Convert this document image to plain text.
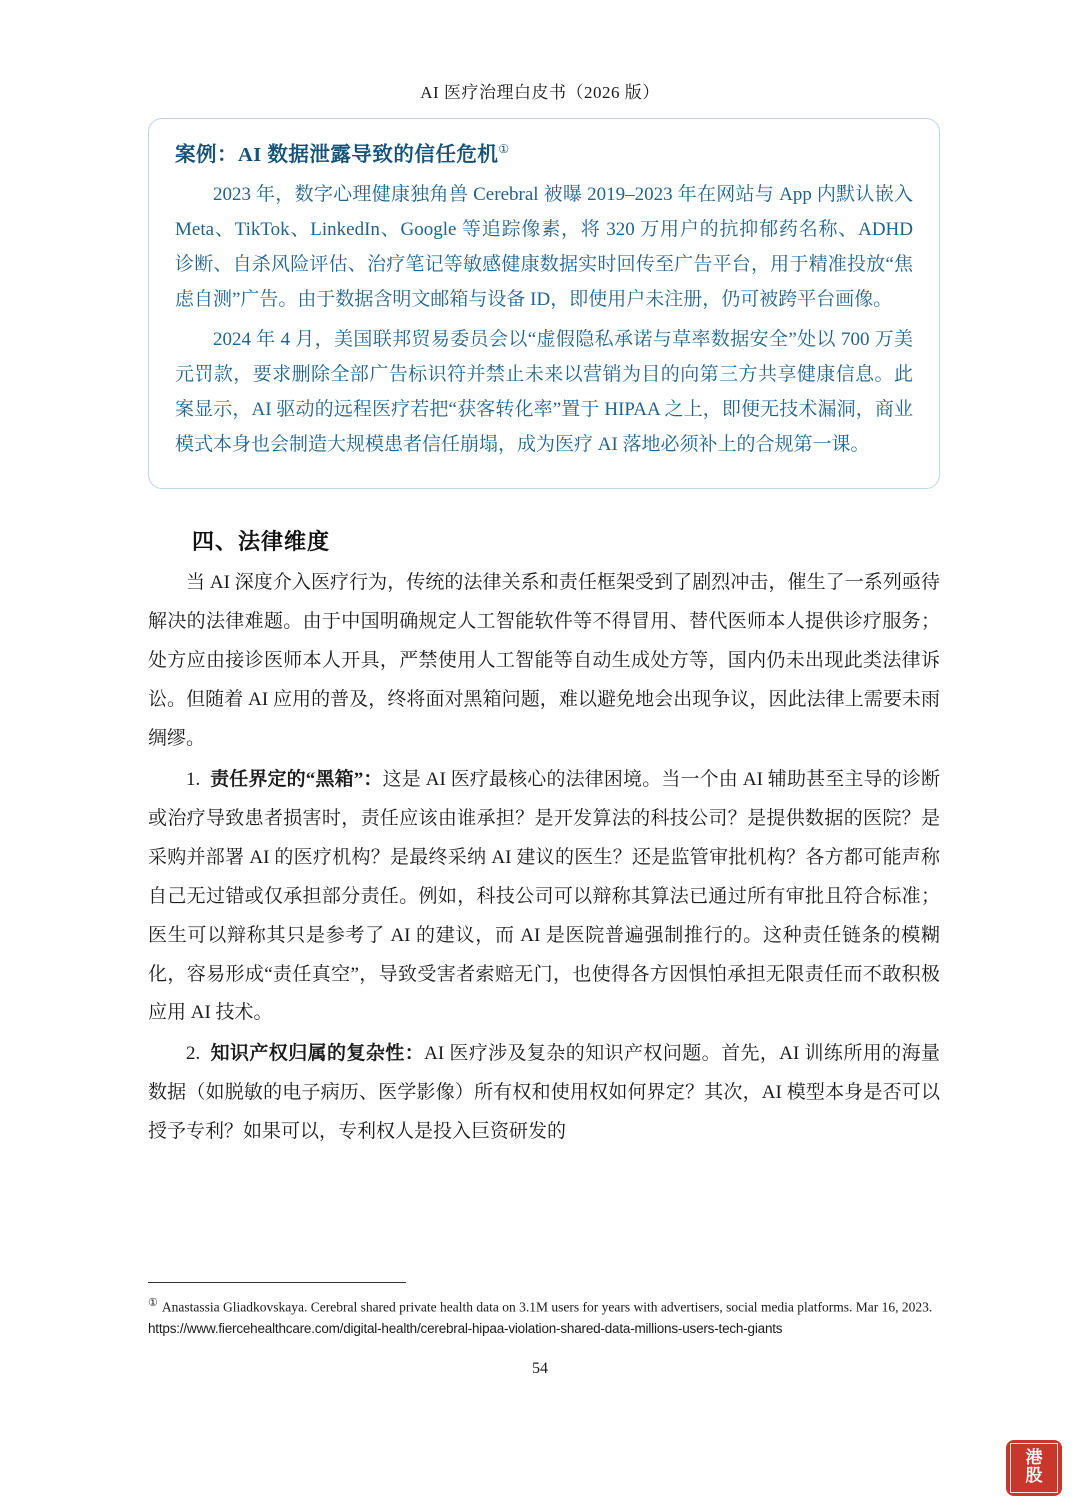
AI 医疗治理白皮书（2026 版）
案例：AI 数据泄露导致的信任危机①

2023 年，数字心理健康独角兽 Cerebral 被曝 2019–2023 年在网站与 App 内默认嵌入 Meta、TikTok、LinkedIn、Google 等追踪像素，将 320 万用户的抗抑郁药名称、ADHD 诊断、自杀风险评估、治疗笔记等敏感健康数据实时回传至广告平台，用于精准投放“焦虑自测”广告。由于数据含明文邮箱与设备 ID，即使用户未注册，仍可被跨平台画像。

2024 年 4 月，美国联邦贸易委员会以“虚假隐私承诺与草率数据安全”处以 700 万美元罚款，要求删除全部广告标识符并禁止未来以营销为目的向第三方共享健康信息。此案显示，AI 驱动的远程医疗若把“获客转化率”置于 HIPAA 之上，即便无技术漏洞，商业模式本身也会制造大规模患者信任崩塌，成为医疗 AI 落地必须补上的合规第一课。

四、法律维度

当 AI 深度介入医疗行为，传统的法律关系和责任框架受到了剧烈冲击，催生了一系列亟待解决的法律难题。由于中国明确规定人工智能软件等不得冒用、替代医师本人提供诊疗服务；处方应由接诊医师本人开具，严禁使用人工智能等自动生成处方等，国内仍未出现此类法律诉讼。但随着 AI 应用的普及，终将面对黑箱问题，难以避免地会出现争议，因此法律上需要未雨绸缪。

1. 责任界定的“黑箱”：这是 AI 医疗最核心的法律困境。当一个由 AI 辅助甚至主导的诊断或治疗导致患者损害时，责任应该由谁承担？是开发算法的科技公司？是提供数据的医院？是采购并部署 AI 的医疗机构？是最终采纳 AI 建议的医生？还是监管审批机构？各方都可能声称自己无过错或仅承担部分责任。例如，科技公司可以辩称其算法已通过所有审批且符合标准；医生可以辩称其只是参考了 AI 的建议，而 AI 是医院普遍强制推行的。这种责任链条的模糊化，容易形成“责任真空”，导致受害者索赔无门，也使得各方因惧怕承担无限责任而不敢积极应用 AI 技术。

2. 知识产权归属的复杂性：AI 医疗涉及复杂的知识产权问题。首先，AI 训练所用的海量数据（如脱敏的电子病历、医学影像）所有权和使用权如何界定？其次，AI 模型本身是否可以授予专利？如果可以，专利权人是投入巨资研发的

① Anastassia Gliadkovskaya. Cerebral shared private health data on 3.1M users for years with advertisers, social media platforms. Mar 16, 2023. https://www.fiercehealthcare.com/digital-health/cerebral-hipaa-violation-shared-data-millions-users-tech-giants
54
港
股
